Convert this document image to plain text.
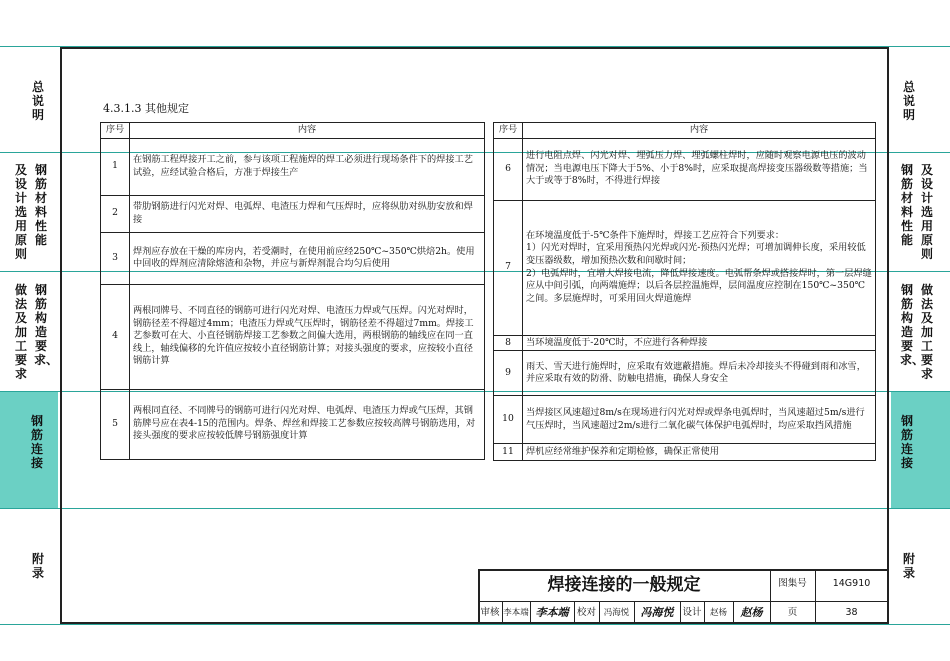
总说明
钢筋材料性能
及设计选用原则
钢筋构造要求、
做法及加工要求
钢筋连接
附录
总说明
钢筋材料性能
及设计选用原则
钢筋构造要求、
做法及加工要求
钢筋连接
附录
4.3.1.3 其他规定
序号	内容
1	在钢筋工程焊接开工之前，参与该项工程施焊的焊工必须进行现场条件下的焊接工艺试验，应经试验合格后，方准于焊接生产
2	带肋钢筋进行闪光对焊、电弧焊、电渣压力焊和气压焊时，应将纵肋对纵肋安放和焊接
3	焊剂应存放在干燥的库房内，若受潮时，在使用前应经250℃~350℃烘焙2h。使用中回收的焊剂应清除熔渣和杂物，并应与新焊剂混合均匀后使用
4	两根同牌号、不同直径的钢筋可进行闪光对焊、电渣压力焊或气压焊。闪光对焊时，钢筋径差不得超过4mm；电渣压力焊或气压焊时，钢筋径差不得超过7mm。焊接工艺参数可在大、小直径钢筋焊接工艺参数之间偏大选用，两根钢筋的轴线应在同一直线上，轴线偏移的允许值应按较小直径钢筋计算；对接头强度的要求，应按较小直径钢筋计算
5	两根同直径、不同牌号的钢筋可进行闪光对焊、电弧焊、电渣压力焊或气压焊，其钢筋牌号应在表4-15的范围内。焊条、焊丝和焊接工艺参数应按较高牌号钢筋选用，对接头强度的要求应按较低牌号钢筋强度计算
序号	内容
6	进行电阻点焊、闪光对焊、埋弧压力焊、埋弧螺柱焊时，应随时观察电源电压的波动情况；当电源电压下降大于5%、小于8%时，应采取提高焊接变压器级数等措施；当大于或等于8%时，不得进行焊接
7	在环境温度低于-5℃条件下施焊时，焊接工艺应符合下列要求：
1）闪光对焊时，宜采用预热闪光焊或闪光-预热闪光焊；可增加调伸长度，采用较低变压器级数，增加预热次数和间歇时间；
2）电弧焊时，宜增大焊接电流，降低焊接速度。电弧帮条焊或搭接焊时，第一层焊缝应从中间引弧，向两端施焊；以后各层控温施焊，层间温度应控制在150℃~350℃之间。多层施焊时，可采用回火焊道施焊

8	当环境温度低于-20℃时，不应进行各种焊接
9	雨天、雪天进行施焊时，应采取有效遮蔽措施。焊后未冷却接头不得碰到雨和冰雪，并应采取有效的防滑、防触电措施，确保人身安全
10	当焊接区风速超过8m/s在现场进行闪光对焊或焊条电弧焊时，当风速超过5m/s进行气压焊时，当风速超过2m/s进行二氧化碳气体保护电弧焊时，均应采取挡风措施
11	焊机应经常维护保养和定期检修，确保正常使用
焊接连接的一般规定	图集号	14G910
审核 李本端 李本端 校对 冯海悦	冯海悦 设计 赵杨	赵杨	页	38
